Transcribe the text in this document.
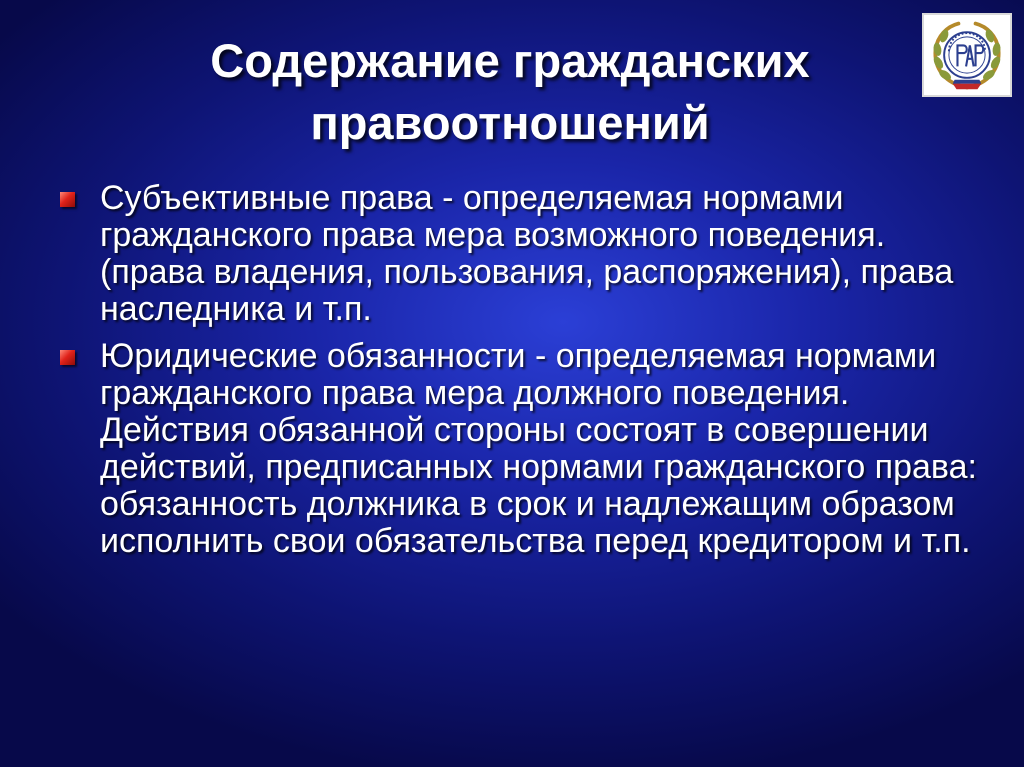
Содержание гражданских
правоотношений
Субъективные права - определяемая нормами гражданского права мера возможного поведения. (права владения, пользования, распоряжения), права наследника и т.п.
Юридические обязанности - определяемая нормами гражданского права мера должного поведения. Действия обязанной стороны состоят в совершении действий, предписанных нормами гражданского права: обязанность должника в срок и надлежащим образом исполнить свои обязательства перед кредитором и т.п.
